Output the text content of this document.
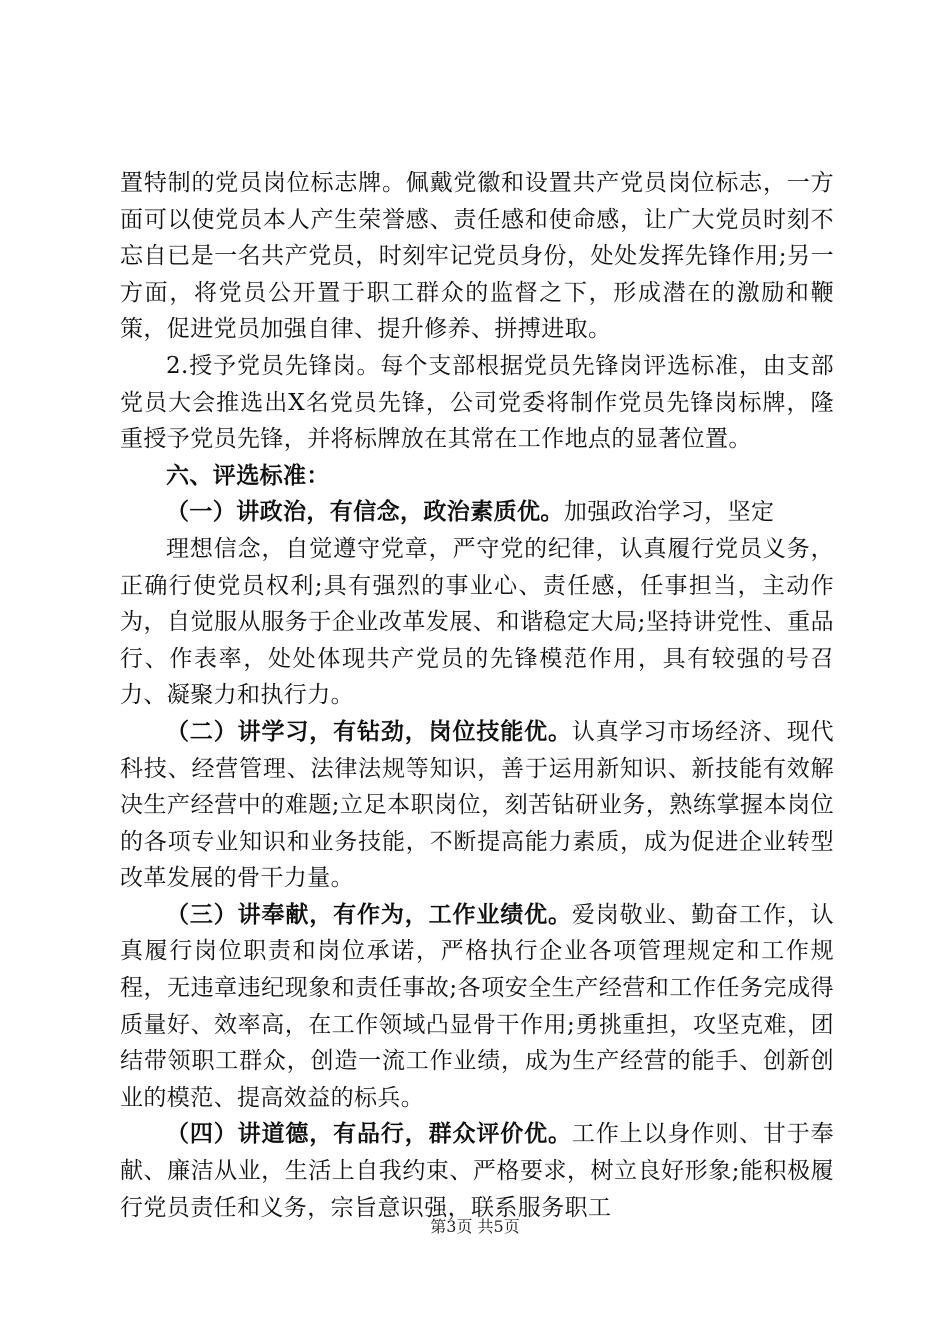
置特制的党员岗位标志牌。佩戴党徽和设置共产党员岗位标志，一方面可以使党员本人产生荣誉感、责任感和使命感，让广大党员时刻不忘自已是一名共产党员，时刻牢记党员身份，处处发挥先锋作用;另一方面，将党员公开置于职工群众的监督之下，形成潜在的激励和鞭策，促进党员加强自律、提升修养、拼搏进取。

2.授予党员先锋岗。每个支部根据党员先锋岗评选标准，由支部党员大会推选出X名党员先锋，公司党委将制作党员先锋岗标牌，隆重授予党员先锋，并将标牌放在其常在工作地点的显著位置。

六、评选标准：

（一）讲政治，有信念，政治素质优。加强政治学习，坚定

理想信念，自觉遵守党章，严守党的纪律，认真履行党员义务，正确行使党员权利;具有强烈的事业心、责任感，任事担当，主动作为，自觉服从服务于企业改革发展、和谐稳定大局;坚持讲党性、重品行、作表率，处处体现共产党员的先锋模范作用，具有较强的号召力、凝聚力和执行力。

（二）讲学习，有钻劲，岗位技能优。认真学习市场经济、现代科技、经营管理、法律法规等知识，善于运用新知识、新技能有效解决生产经营中的难题;立足本职岗位，刻苦钻研业务，熟练掌握本岗位的各项专业知识和业务技能，不断提高能力素质，成为促进企业转型改革发展的骨干力量。

（三）讲奉献，有作为，工作业绩优。爱岗敬业、勤奋工作，认真履行岗位职责和岗位承诺，严格执行企业各项管理规定和工作规程，无违章违纪现象和责任事故;各项安全生产经营和工作任务完成得质量好、效率高，在工作领域凸显骨干作用;勇挑重担，攻坚克难，团结带领职工群众，创造一流工作业绩，成为生产经营的能手、创新创业的模范、提高效益的标兵。

（四）讲道德，有品行，群众评价优。工作上以身作则、甘于奉献、廉洁从业，生活上自我约束、严格要求，树立良好形象;能积极履行党员责任和义务，宗旨意识强，联系服务职工

第3页 共5页
